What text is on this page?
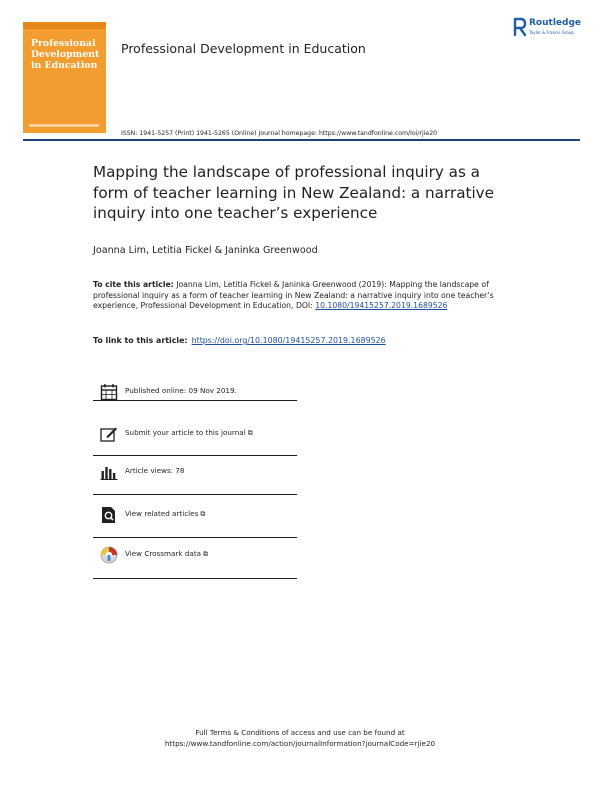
Professional
Development
in Education
Professional Development in Education
Routledge
Taylor & Francis Group
ISSN: 1941-5257 (Print) 1941-5265 (Online) Journal homepage: https://www.tandfonline.com/loi/rjie20
Mapping the landscape of professional inquiry as a form of teacher learning in New Zealand: a narrative inquiry into one teacher’s experience
Joanna Lim, Letitia Fickel & Janinka Greenwood
To cite this article: Joanna Lim, Letitia Fickel & Janinka Greenwood (2019): Mapping the landscape of professional inquiry as a form of teacher learning in New Zealand: a narrative inquiry into one teacher’s experience, Professional Development in Education, DOI: 10.1080/19415257.2019.1689526
To link to this article: https://doi.org/10.1080/19415257.2019.1689526
Published online: 09 Nov 2019.
Submit your article to this journal ⧉
Article views: 78
View related articles ⧉
View Crossmark data ⧉
Full Terms & Conditions of access and use can be found at
https://www.tandfonline.com/action/journalInformation?journalCode=rjie20
